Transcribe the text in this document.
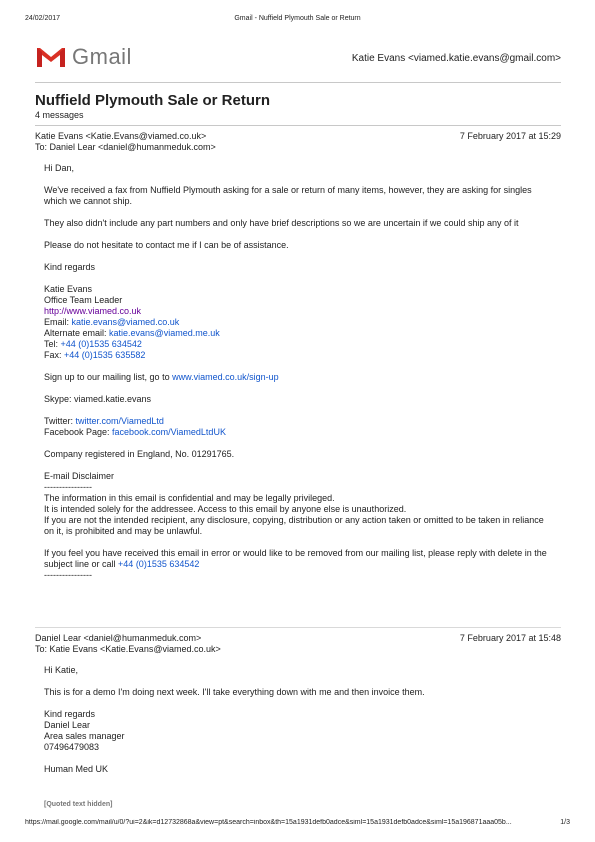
24/02/2017	Gmail - Nuffield Plymouth Sale or Return
Gmail	Katie Evans <viamed.katie.evans@gmail.com>
Nuffield Plymouth Sale or Return
4 messages
Katie Evans <Katie.Evans@viamed.co.uk>	7 February 2017 at 15:29
To: Daniel Lear <daniel@humanmeduk.com>

Hi Dan,

We've received a fax from Nuffield Plymouth asking for a sale or return of many items, however, they are asking for singles which we cannot ship.

They also didn't include any part numbers and only have brief descriptions so we are uncertain if we could ship any of it

Please do not hesitate to contact me if I can be of assistance.

Kind regards

Katie Evans

Office Team Leader

http://www.viamed.co.uk

Email: katie.evans@viamed.co.uk

Alternate email: katie.evans@viamed.me.uk

Tel: +44 (0)1535 634542

Fax: +44 (0)1535 635582

Sign up to our mailing list, go to www.viamed.co.uk/sign-up

Skype: viamed.katie.evans

Twitter: twitter.com/ViamedLtd

Facebook Page: facebook.com/ViamedLtdUK

Company registered in England, No. 01291765.

E-mail Disclaimer

----------------

The information in this email is confidential and may be legally privileged.

It is intended solely for the addressee. Access to this email by anyone else is unauthorized.

If you are not the intended recipient, any disclosure, copying, distribution or any action taken or omitted to be taken in reliance on it, is prohibited and may be unlawful.

If you feel you have received this email in error or would like to be removed from our mailing list, please reply with delete in the subject line or call +44 (0)1535 634542

----------------

Daniel Lear <daniel@humanmeduk.com>	7 February 2017 at 15:48
To: Katie Evans <Katie.Evans@viamed.co.uk>

Hi Katie,

This is for a demo I'm doing next week. I'll take everything down with me and then invoice them.

Kind regards

Daniel Lear

Area sales manager

07496479083

Human Med UK

[Quoted text hidden]
https://mail.google.com/mail/u/0/?ui=2&ik=d12732868a&view=pt&search=inbox&th=15a1931defb0adce&siml=15a1931defb0adce&siml=15a196871aaa05b...	1/3
